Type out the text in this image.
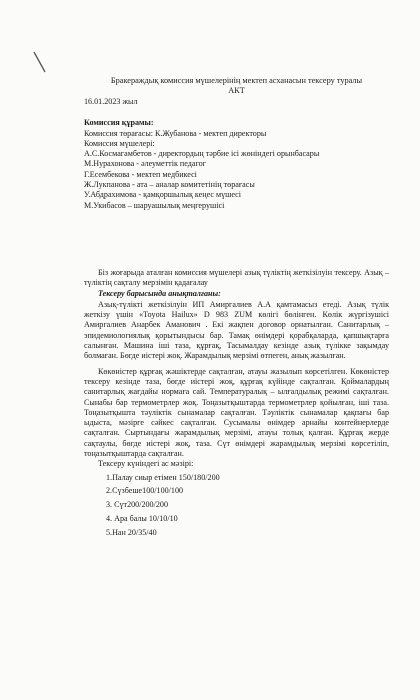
Бракераждық комиссия мүшелерінің мектеп асханасын тексеру туралы
АКТ
16.01.2023 жыл
Комиссия құрамы:
Комиссия төрағасы: К.Жубанова - мектеп директоры
Комиссия мүшелері:
А.С.Космагамбетов - директордың тәрбие ісі жөніндегі орынбасары
М.Нурахонова - әлеуметтік педагог
Г.Есембекова - мектеп медбикесі
Ж.Лукпанова - ата – аналар комитетінің төрағасы
У.Абдрахимова - қамқоршылық кеңес мүшесі
М.Укибасов – шаруашылық меңгерушісі
Біз жоғарыда аталған комиссия мүшелері азық түліктің жеткізілуін тексеру. Азық – түліктің сақталу мерзімін қадағалау
Тексеру барысында анықталғаны:
Азық-түлікті жеткізілуін ИП Амиргалиев А.А қамтамасыз етеді. Азық түлік жеткізу үшін «Toyota Hailux» D 983 ZUM көлігі бөлінген. Көлік жүргізушісі Амиргалиев Анарбек Аманович . Екі жақпен договор орнатылған. Санитарлық – эпидемиологиялық қорытындысы бар. Тамақ өнімдері қорабқаларда, қапшықтарға салынған. Машина іші таза, құрғақ, Тасымалдау кезінде азық түлікке зақымдау болмаған. Бөгде иістері жоқ. Жарамдылық мерзімі өтпеген, анық жазылған.
Көкөністер құрғақ жәшіктерде сақталған, атауы жазылып көрсетілген. Көкөністер тексеру кезінде таза, бөгде иістері жоқ, құрғақ күйінде сақталған. Қоймалардың санитарлық жағдайы нормаға сай. Температуралық – ылғалдылық режимі сақталған. Сынабы бар термометрлер жоқ. Тоңазытқыштарда термометрлер қойылған, іші таза. Тоңазытқышта тәуліктік сынамалар сақталған. Тәуліктік сынамалар қақпағы бар ыдыста, мәзірге сәйкес сақталған. Сусымалы өнімдер арнайы контейнерлерде сақталған. Сыртындағы жарамдылық мерзімі, атауы толық қалған. Құрғақ жерде сақтаулы, бөгде иістері жоқ, таза. Сүт өнімдері жарамдылық мерзімі көрсетіліп, тоңазытқыштарда сақталған.
Тексеру күніндегі ас мәзірі:
1.Палау сиыр етімен 150/180/200
2.Сүзбеше100/100/100
3. Сүт200/200/200
4. Ара балы 10/10/10
5.Нан 20/35/40
